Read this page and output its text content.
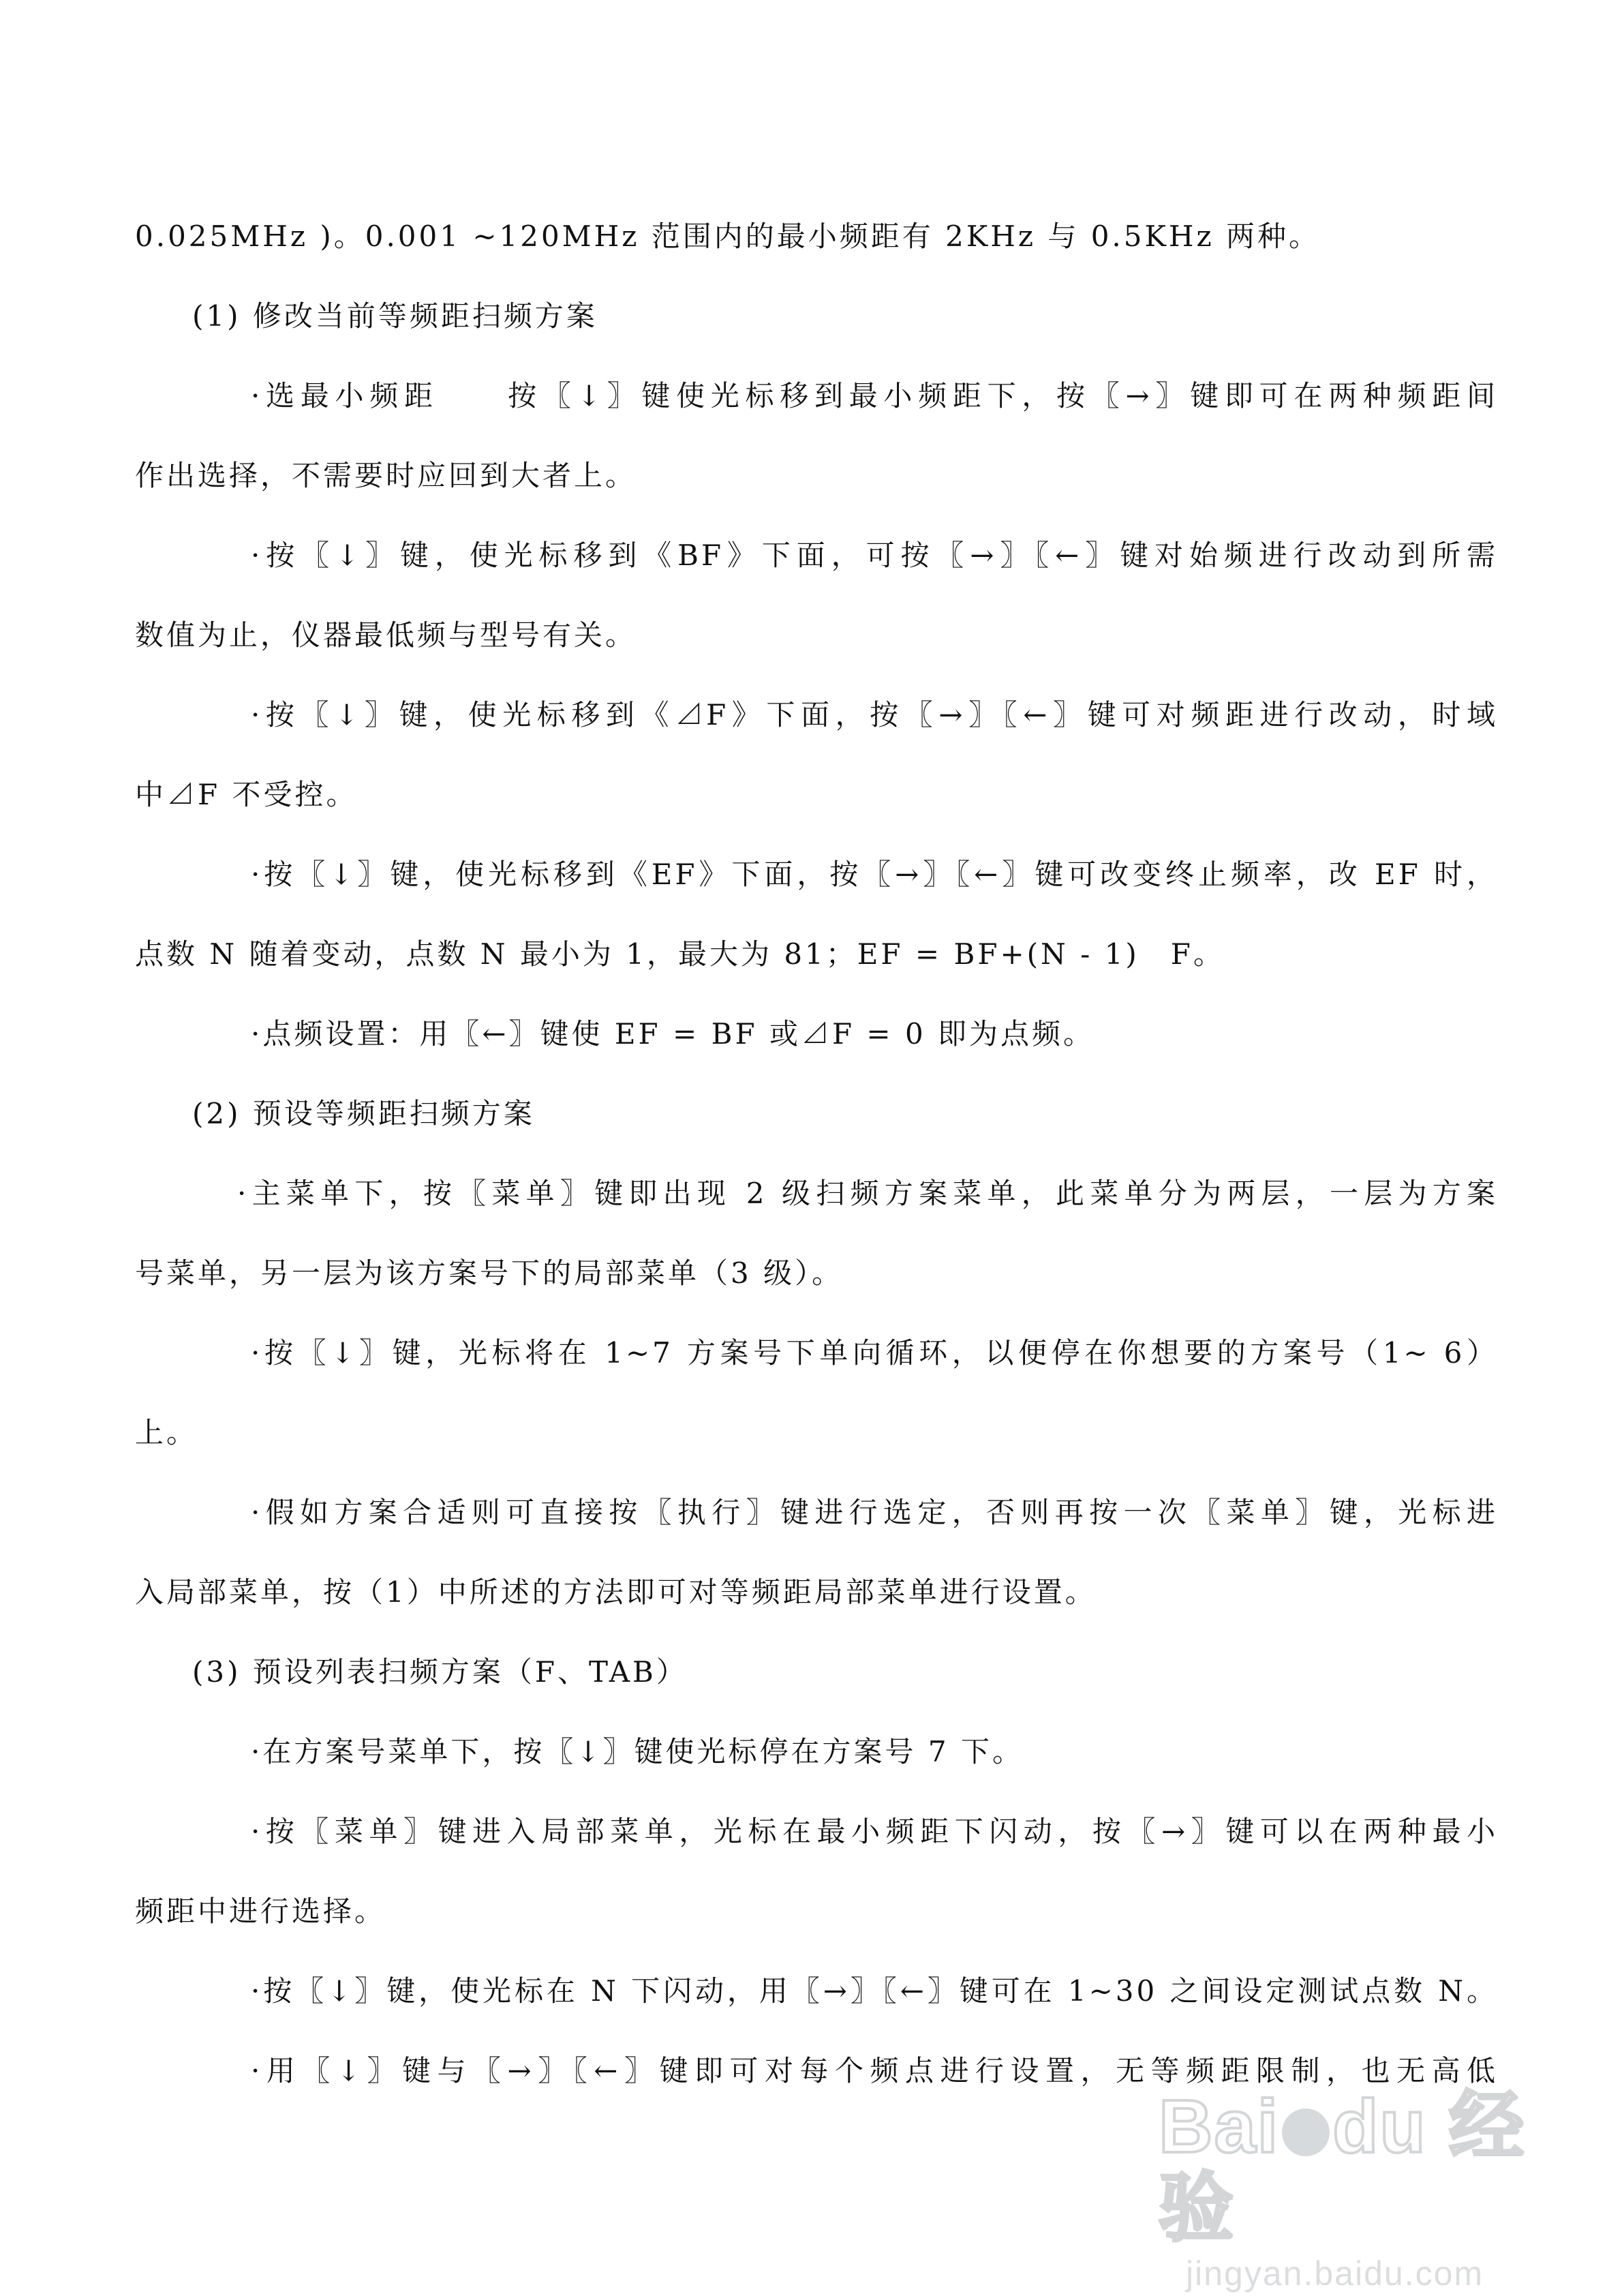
0.025MHz )。0.001 ~120MHz 范围内的最小频距有 2KHz 与 0.5KHz 两种。
(1) 修改当前等频距扫频方案
·选最小频距　　按〖↓〗键使光标移到最小频距下，按〖→〗键即可在两种频距间
作出选择，不需要时应回到大者上。
·按〖↓〗键，使光标移到《BF》下面，可按〖→〗〖←〗键对始频进行改动到所需
数值为止，仪器最低频与型号有关。
·按〖↓〗键，使光标移到《⊿F》下面，按〖→〗〖←〗键可对频距进行改动，时域
中⊿F 不受控。
·按〖↓〗键，使光标移到《EF》下面，按〖→〗〖←〗键可改变终止频率，改 EF 时，
点数 N 随着变动，点数 N 最小为 1，最大为 81；EF = BF+(N - 1)　F。
·点频设置：用〖←〗键使 EF = BF 或⊿F = 0 即为点频。
(2) 预设等频距扫频方案
·主菜单下，按〖菜单〗键即出现 2 级扫频方案菜单，此菜单分为两层，一层为方案
号菜单，另一层为该方案号下的局部菜单（3 级）。
·按〖↓〗键，光标将在 1~7 方案号下单向循环，以便停在你想要的方案号（1~ 6）
上。
·假如方案合适则可直接按〖执行〗键进行选定，否则再按一次〖菜单〗键，光标进
入局部菜单，按（1）中所述的方法即可对等频距局部菜单进行设置。
(3) 预设列表扫频方案（F、TAB）
·在方案号菜单下，按〖↓〗键使光标停在方案号 7 下。
·按〖菜单〗键进入局部菜单，光标在最小频距下闪动，按〖→〗键可以在两种最小
频距中进行选择。
·按〖↓〗键，使光标在 N 下闪动，用〖→〗〖←〗键可在 1~30 之间设定测试点数 N。
·用〖↓〗键与〖→〗〖←〗键即可对每个频点进行设置，无等频距限制，也无高低
Bai du 经验
jingyan.baidu.com
